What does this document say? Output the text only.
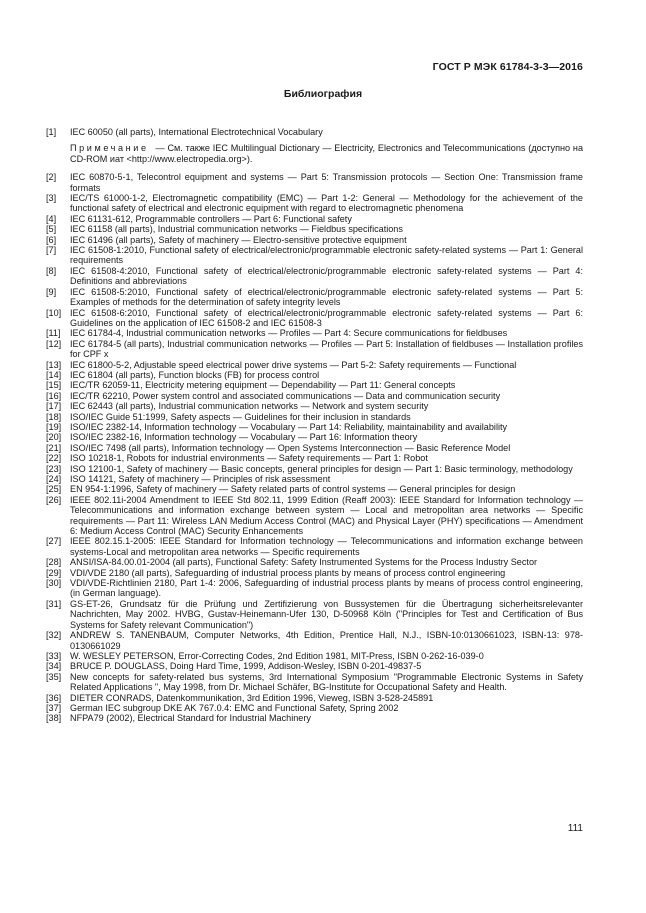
ГОСТ Р МЭК 61784-3-3—2016
Библиография
[1]	IEC 60050 (all parts), International Electrotechnical Vocabulary
Примечание — См. также IEC Multilingual Dictionary — Electricity, Electronics and Telecommunications (доступно на CD-ROM иат <http://www.electropedia.org>).
[2]	IEC 60870-5-1, Telecontrol equipment and systems — Part 5: Transmission protocols — Section One: Transmission frame formats
[3]	IEC/TS 61000-1-2, Electromagnetic compatibility (EMC) — Part 1-2: General — Methodology for the achievement of the functional safety of electrical and electronic equipment with regard to electromagnetic phenomena
[4]	IEC 61131-612, Programmable controllers — Part 6: Functional safety
[5]	IEC 61158 (all parts), Industrial communication networks — Fieldbus specifications
[6]	IEC 61496 (all parts), Safety of machinery — Electro-sensitive protective equipment
[7]	IEC 61508-1:2010, Functional safety of electrical/electronic/programmable electronic safety-related systems — Part 1: General requirements
[8]	IEC 61508-4:2010, Functional safety of electrical/electronic/programmable electronic safety-related systems — Part 4: Definitions and abbreviations
[9]	IEC 61508-5:2010, Functional safety of electrical/electronic/programmable electronic safety-related systems — Part 5: Examples of methods for the determination of safety integrity levels
[10] IEC 61508-6:2010, Functional safety of electrical/electronic/programmable electronic safety-related systems — Part 6: Guidelines on the application of IEC 61508-2 and IEC 61508-3
[11]	IEC 61784-4, Industrial communication networks — Profiles — Part 4: Secure communications for fieldbuses
[12] IEC 61784-5 (all parts), Industrial communication networks — Profiles — Part 5: Installation of fieldbuses — Installation profiles for CPF x
[13] IEC 61800-5-2, Adjustable speed electrical power drive systems — Part 5-2: Safety requirements — Functional
[14] IEC 61804 (all parts), Function blocks (FB) for process control
[15] IEC/TR 62059-11, Electricity metering equipment — Dependability — Part 11: General concepts
[16] IEC/TR 62210, Power system control and associated communications — Data and communication security
[17] IEC 62443 (all parts), Industrial communication networks — Network and system security
[18] ISO/IEC Guide 51:1999, Safety aspects — Guidelines for their inclusion in standards
[19] ISO/IEC 2382-14, Information technology — Vocabulary — Part 14: Reliability, maintainability and availability
[20] ISO/IEC 2382-16, Information technology — Vocabulary — Part 16: Information theory
[21] ISO/IEC 7498 (all parts), Information technology — Open Systems Interconnection — Basic Reference Model
[22] ISO 10218-1, Robots for industrial environments — Safety requirements — Part 1: Robot
[23] ISO 12100-1, Safety of machinery — Basic concepts, general principles for design — Part 1: Basic terminology, methodology
[24] ISO 14121, Safety of machinery — Principles of risk assessment
[25] EN 954-1:1996, Safety of machinery — Safety related parts of control systems — General principles for design
[26] IEEE 802.11i-2004 Amendment to IEEE Std 802.11, 1999 Edition (Reaff 2003): IEEE Standard for Information technology — Telecommunications and information exchange between system — Local and metropolitan area networks — Specific requirements — Part 11: Wireless LAN Medium Access Control (MAC) and Physical Layer (PHY) specifications — Amendment 6: Medium Access Control (MAC) Security Enhancements
[27] IEEE 802.15.1-2005: IEEE Standard for Information technology — Telecommunications and information exchange between systems-Local and metropolitan area networks — Specific requirements
[28] ANSI/ISA-84.00.01-2004 (all parts), Functional Safety: Safety Instrumented Systems for the Process Industry Sector
[29] VDI/VDE 2180 (all parts), Safeguarding of industrial process plants by means of process control engineering
[30] VDI/VDE-Richtlinien 2180, Part 1-4: 2006, Safeguarding of industrial process plants by means of process control engineering, (in German language).
[31] GS-ET-26, Grundsatz für die Prüfung und Zertifizierung von Bussystemen für die Übertragung sicherheitsrelevanter Nachrichten, May 2002. HVBG, Gustav-Heinemann-Ufer 130, D-50968 Köln ("Principles for Test and Certification of Bus Systems for Safety relevant Communication")
[32] ANDREW S. TANENBAUM, Computer Networks, 4th Edition, Prentice Hall, N.J., ISBN-10:0130661023, ISBN-13: 978-0130661029
[33] W. WESLEY PETERSON, Error-Correcting Codes, 2nd Edition 1981, MIT-Press, ISBN 0-262-16-039-0
[34] BRUCE P. DOUGLASS, Doing Hard Time, 1999, Addison-Wesley, ISBN 0-201-49837-5
[35] New concepts for safety-related bus systems, 3rd International Symposium "Programmable Electronic Systems in Safety Related Applications ", May 1998, from Dr. Michael Schäfer, BG-Institute for Occupational Safety and Health.
[36] DIETER CONRADS, Datenkommunikation, 3rd Edition 1996, Vieweg, ISBN 3-528-245891
[37] German IEC subgroup DKE AK 767.0.4: EMC and Functional Safety, Spring 2002
[38] NFPA79 (2002), Electrical Standard for Industrial Machinery
111
